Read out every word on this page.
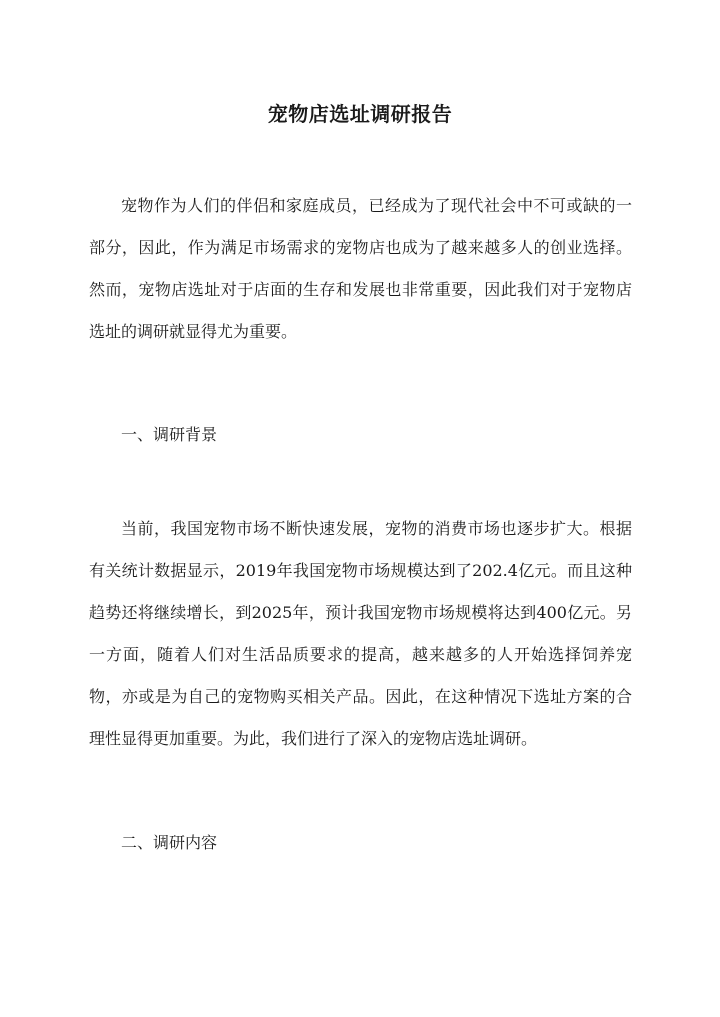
宠物店选址调研报告

宠物作为人们的伴侣和家庭成员，已经成为了现代社会中不可或缺的一部分，因此，作为满足市场需求的宠物店也成为了越来越多人的创业选择。然而，宠物店选址对于店面的生存和发展也非常重要，因此我们对于宠物店选址的调研就显得尤为重要。

一、调研背景

当前，我国宠物市场不断快速发展，宠物的消费市场也逐步扩大。根据有关统计数据显示，2019年我国宠物市场规模达到了202.4亿元。而且这种趋势还将继续增长，到2025年，预计我国宠物市场规模将达到400亿元。另一方面，随着人们对生活品质要求的提高，越来越多的人开始选择饲养宠物，亦或是为自己的宠物购买相关产品。因此，在这种情况下选址方案的合理性显得更加重要。为此，我们进行了深入的宠物店选址调研。

二、调研内容
